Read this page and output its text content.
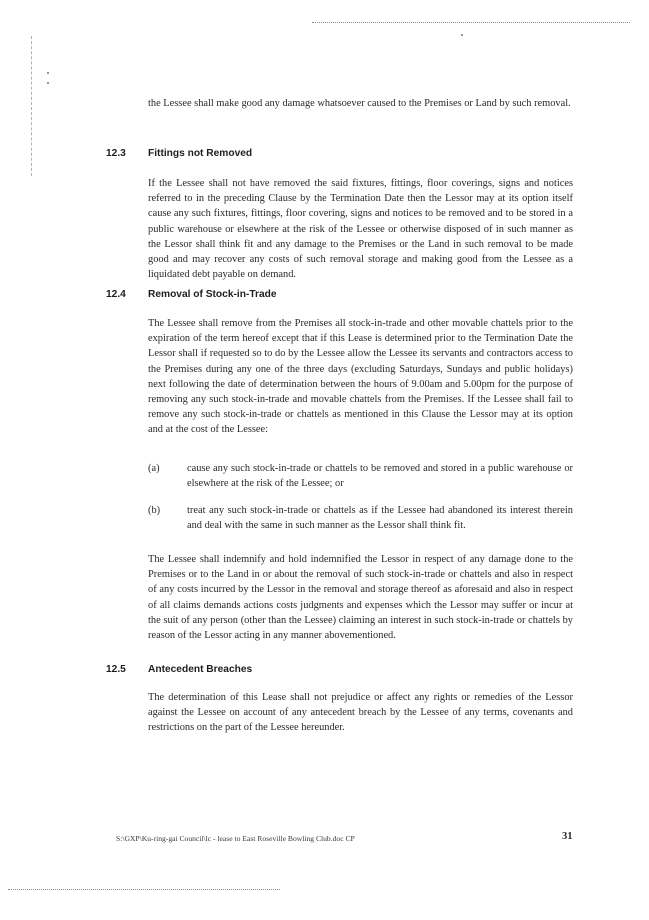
the Lessee shall make good any damage whatsoever caused to the Premises or Land by such removal.

12.3 Fittings not Removed

If the Lessee shall not have removed the said fixtures, fittings, floor coverings, signs and notices referred to in the preceding Clause by the Termination Date then the Lessor may at its option itself cause any such fixtures, fittings, floor covering, signs and notices to be removed and to be stored in a public warehouse or elsewhere at the risk of the Lessee or otherwise disposed of in such manner as the Lessor shall think fit and any damage to the Premises or the Land in such removal to be made good and may recover any costs of such removal storage and making good from the Lessee as a liquidated debt payable on demand.

12.4 Removal of Stock-in-Trade

The Lessee shall remove from the Premises all stock-in-trade and other movable chattels prior to the expiration of the term hereof except that if this Lease is determined prior to the Termination Date the Lessor shall if requested so to do by the Lessee allow the Lessee its servants and contractors access to the Premises during any one of the three days (excluding Saturdays, Sundays and public holidays) next following the date of determination between the hours of 9.00am and 5.00pm for the purpose of removing any such stock-in-trade and movable chattels from the Premises. If the Lessee shall fail to remove any such stock-in-trade or chattels as mentioned in this Clause the Lessor may at its option and at the cost of the Lessee:

(a)	cause any such stock-in-trade or chattels to be removed and stored in a public warehouse or elsewhere at the risk of the Lessee; or

(b)	treat any such stock-in-trade or chattels as if the Lessee had abandoned its interest therein and deal with the same in such manner as the Lessor shall think fit.

The Lessee shall indemnify and hold indemnified the Lessor in respect of any damage done to the Premises or to the Land in or about the removal of such stock-in-trade or chattels and also in respect of any costs incurred by the Lessor in the removal and storage thereof as aforesaid and also in respect of all claims demands actions costs judgments and expenses which the Lessor may suffer or incur at the suit of any person (other than the Lessee) claiming an interest in such stock-in-trade or chattels by reason of the Lessor acting in any manner abovementioned.

12.5 Antecedent Breaches

The determination of this Lease shall not prejudice or affect any rights or remedies of the Lessor against the Lessee on account of any antecedent breach by the Lessee of any terms, covenants and restrictions on the part of the Lessee hereunder.

S:\GXP\Ku-ring-gai Council\lc - lease to East Roseville Bowling Club.doc CP	31
